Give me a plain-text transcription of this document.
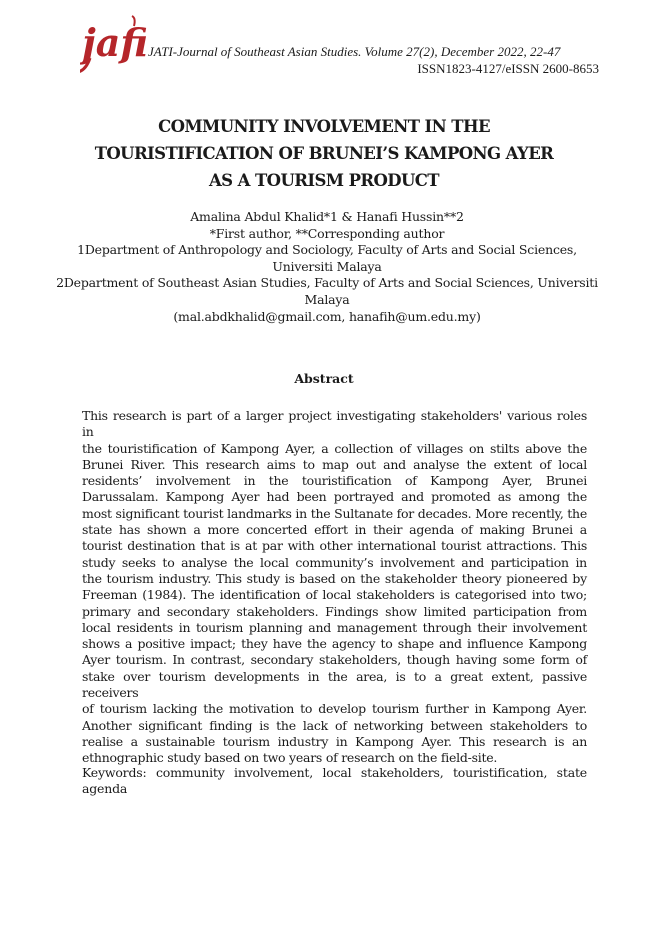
jafi JATI-Journal of Southeast Asian Studies. Volume 27(2), December 2022, 22-47
ISSN1823-4127/eISSN 2600-8653
COMMUNITY INVOLVEMENT IN THE
TOURISTIFICATION OF BRUNEI’S KAMPONG AYER
AS A TOURISM PRODUCT
Amalina Abdul Khalid*1 & Hanafi Hussin**2
*First author, **Corresponding author
1Department of Anthropology and Sociology, Faculty of Arts and Social Sciences,
Universiti Malaya
2Department of Southeast Asian Studies, Faculty of Arts and Social Sciences, Universiti
Malaya
(mal.abdkhalid@gmail.com, hanafih@um.edu.my)
Abstract
This research is part of a larger project investigating stakeholders' various roles in
the touristification of Kampong Ayer, a collection of villages on stilts above the
Brunei River. This research aims to map out and analyse the extent of local
residents’ involvement in the touristification of Kampong Ayer, Brunei
Darussalam. Kampong Ayer had been portrayed and promoted as among the
most significant tourist landmarks in the Sultanate for decades. More recently, the
state has shown a more concerted effort in their agenda of making Brunei a
tourist destination that is at par with other international tourist attractions. This
study seeks to analyse the local community’s involvement and participation in
the tourism industry. This study is based on the stakeholder theory pioneered by
Freeman (1984). The identification of local stakeholders is categorised into two;
primary and secondary stakeholders. Findings show limited participation from
local residents in tourism planning and management through their involvement
shows a positive impact; they have the agency to shape and influence Kampong
Ayer tourism. In contrast, secondary stakeholders, though having some form of
stake over tourism developments in the area, is to a great extent, passive receivers
of tourism lacking the motivation to develop tourism further in Kampong Ayer.
Another significant finding is the lack of networking between stakeholders to
realise a sustainable tourism industry in Kampong Ayer. This research is an
ethnographic study based on two years of research on the field-site.
Keywords: community involvement, local stakeholders, touristification, state
agenda
